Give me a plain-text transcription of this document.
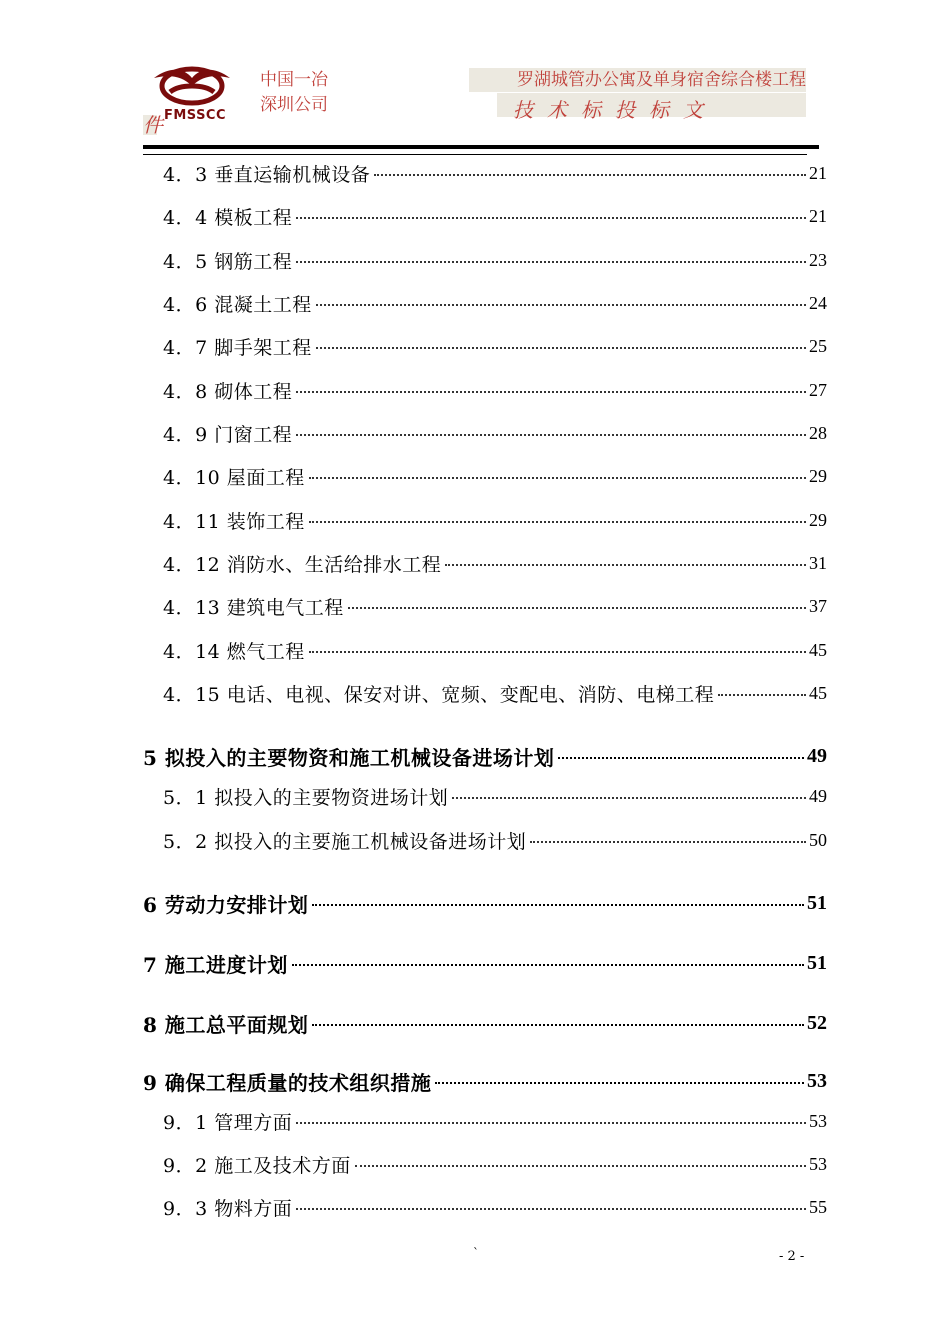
FMSSCC
中国一冶
深圳公司
罗湖城管办公寓及单身宿舍综合楼工程
技术标投标文
件
4．3 垂直运输机械设备	21
4．4 模板工程	21
4．5 钢筋工程	23
4．6 混凝土工程	24
4．7 脚手架工程	25
4．8 砌体工程	27
4．9 门窗工程	28
4．10 屋面工程	29
4．11 装饰工程	29
4．12 消防水、生活给排水工程	31
4．13 建筑电气工程	37
4．14 燃气工程	45
4．15 电话、电视、保安对讲、宽频、变配电、消防、电梯工程	45
5 拟投入的主要物资和施工机械设备进场计划	49
5．1 拟投入的主要物资进场计划	49
5．2 拟投入的主要施工机械设备进场计划	50
6 劳动力安排计划	51
7 施工进度计划	51
8 施工总平面规划	52
9 确保工程质量的技术组织措施	53
9．1 管理方面	53
9．2 施工及技术方面	53
9．3 物料方面	55
`	- 2 -
